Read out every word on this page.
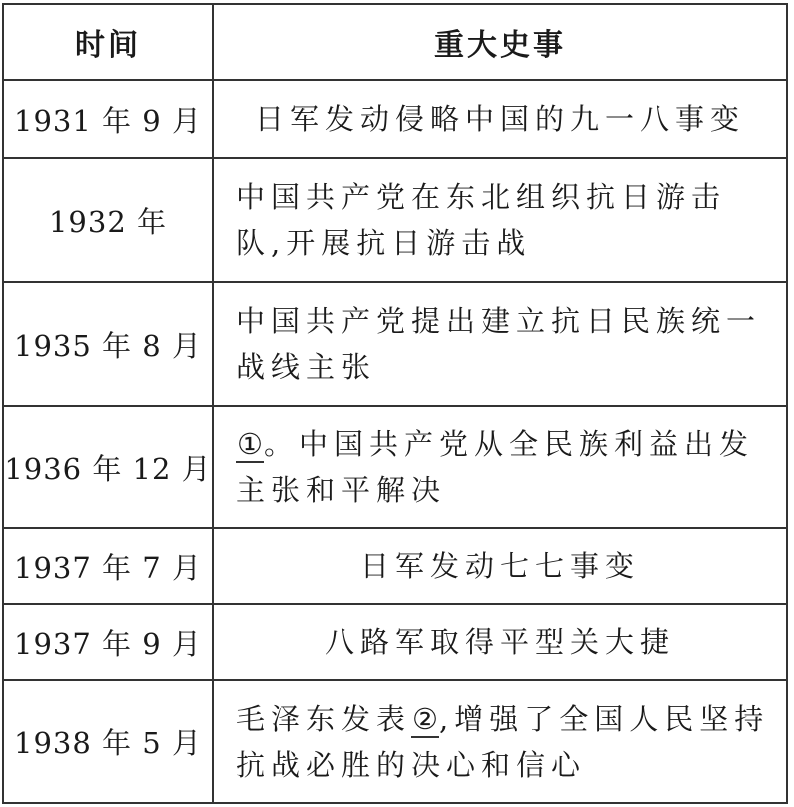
时间	重大史事
1931 年 9 月	日军发动侵略中国的九一八事变
1932 年	中国共产党在东北组织抗日游击队,开展抗日游击战
1935 年 8 月	中国共产党提出建立抗日民族统一战线主张
1936 年 12 月	①。中国共产党从全民族利益出发主张和平解决
1937 年 7 月	日军发动七七事变
1937 年 9 月	八路军取得平型关大捷
1938 年 5 月	毛泽东发表②,增强了全国人民坚持抗战必胜的决心和信心
